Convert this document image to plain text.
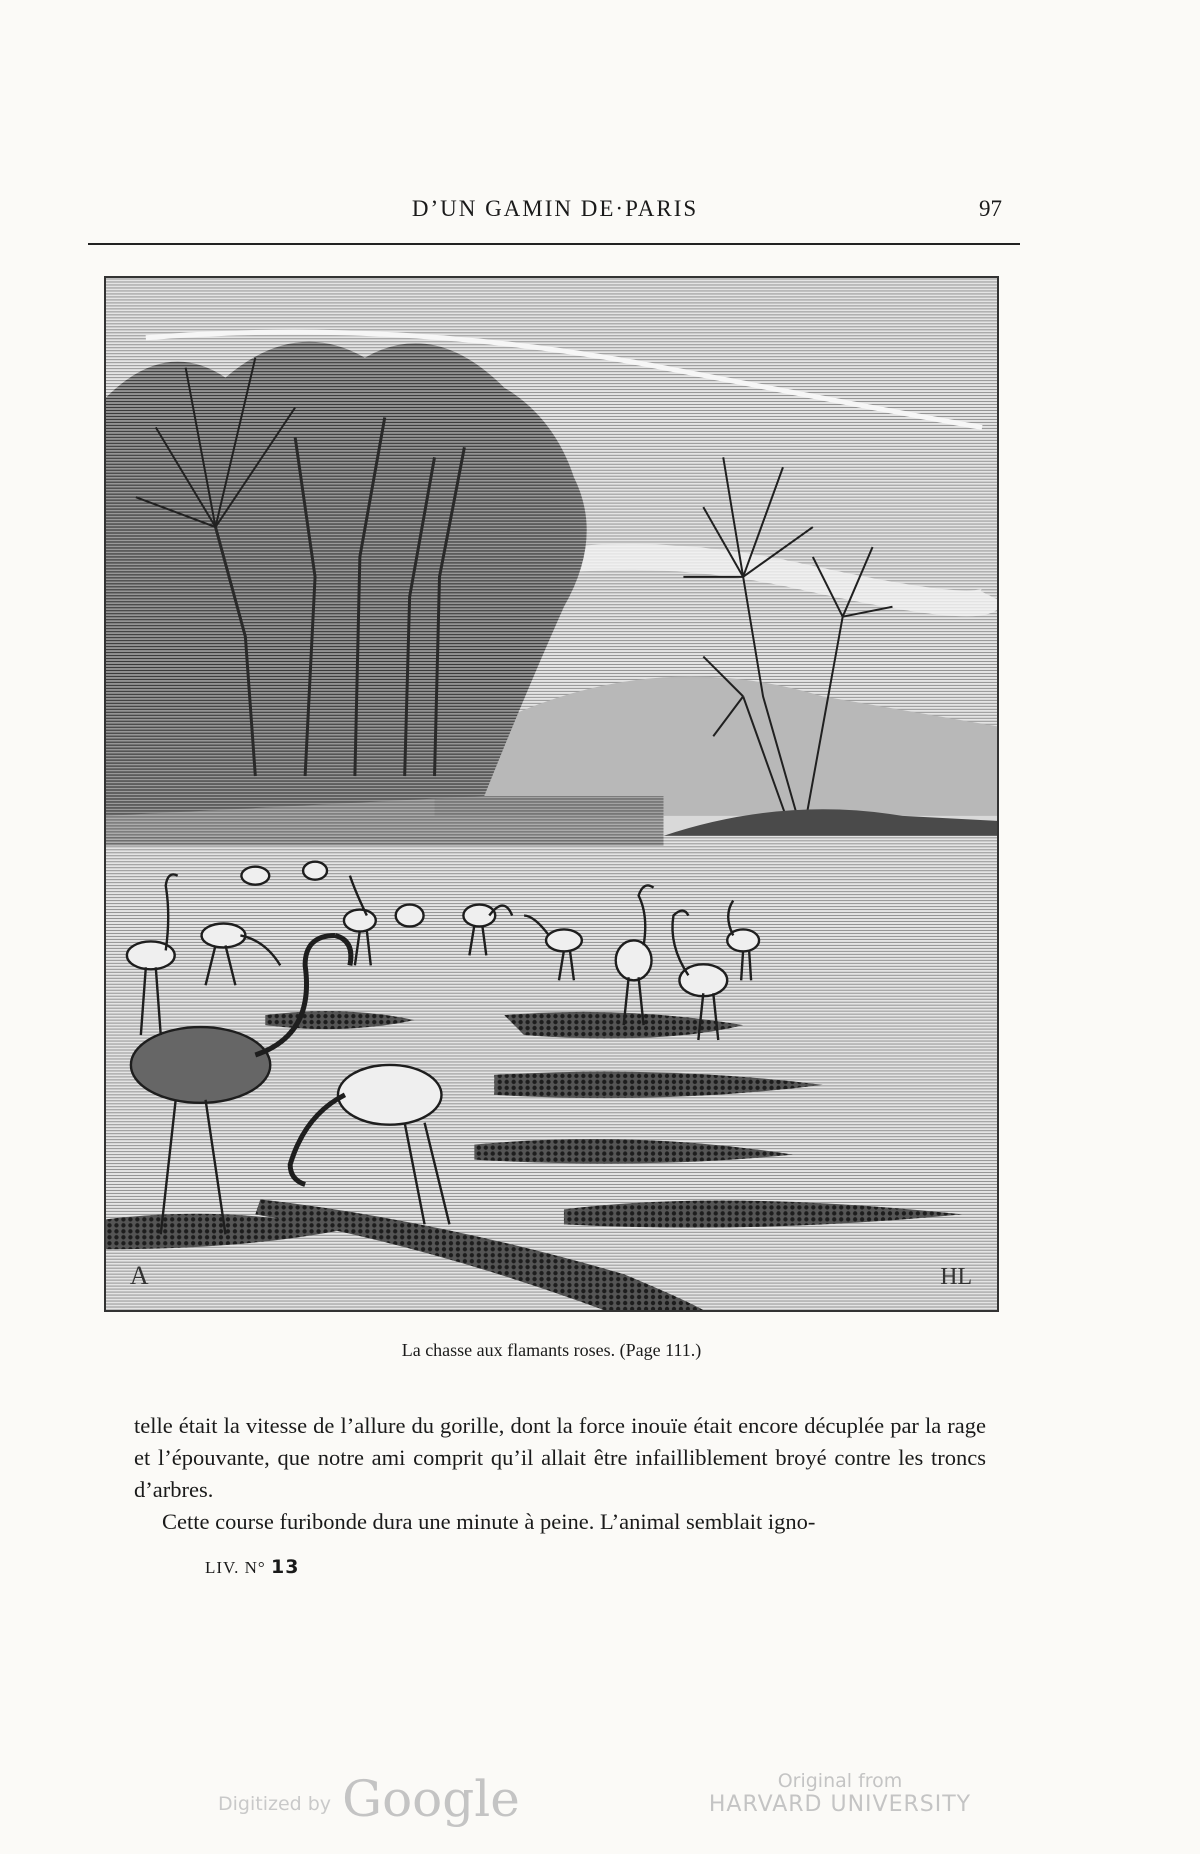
D’UN GAMIN DE·PARIS	97
A	HL
La chasse aux flamants roses. (Page 111.)

telle était la vitesse de l’allure du gorille, dont la force inouïe était encore décuplée par la rage et l’épouvante, que notre ami comprit qu’il allait être infailliblement broyé contre les troncs d’arbres.

Cette course furibonde dura une minute à peine. L’animal semblait igno-

LIV. N° 13
Digitized by Google	Original from
HARVARD UNIVERSITY
